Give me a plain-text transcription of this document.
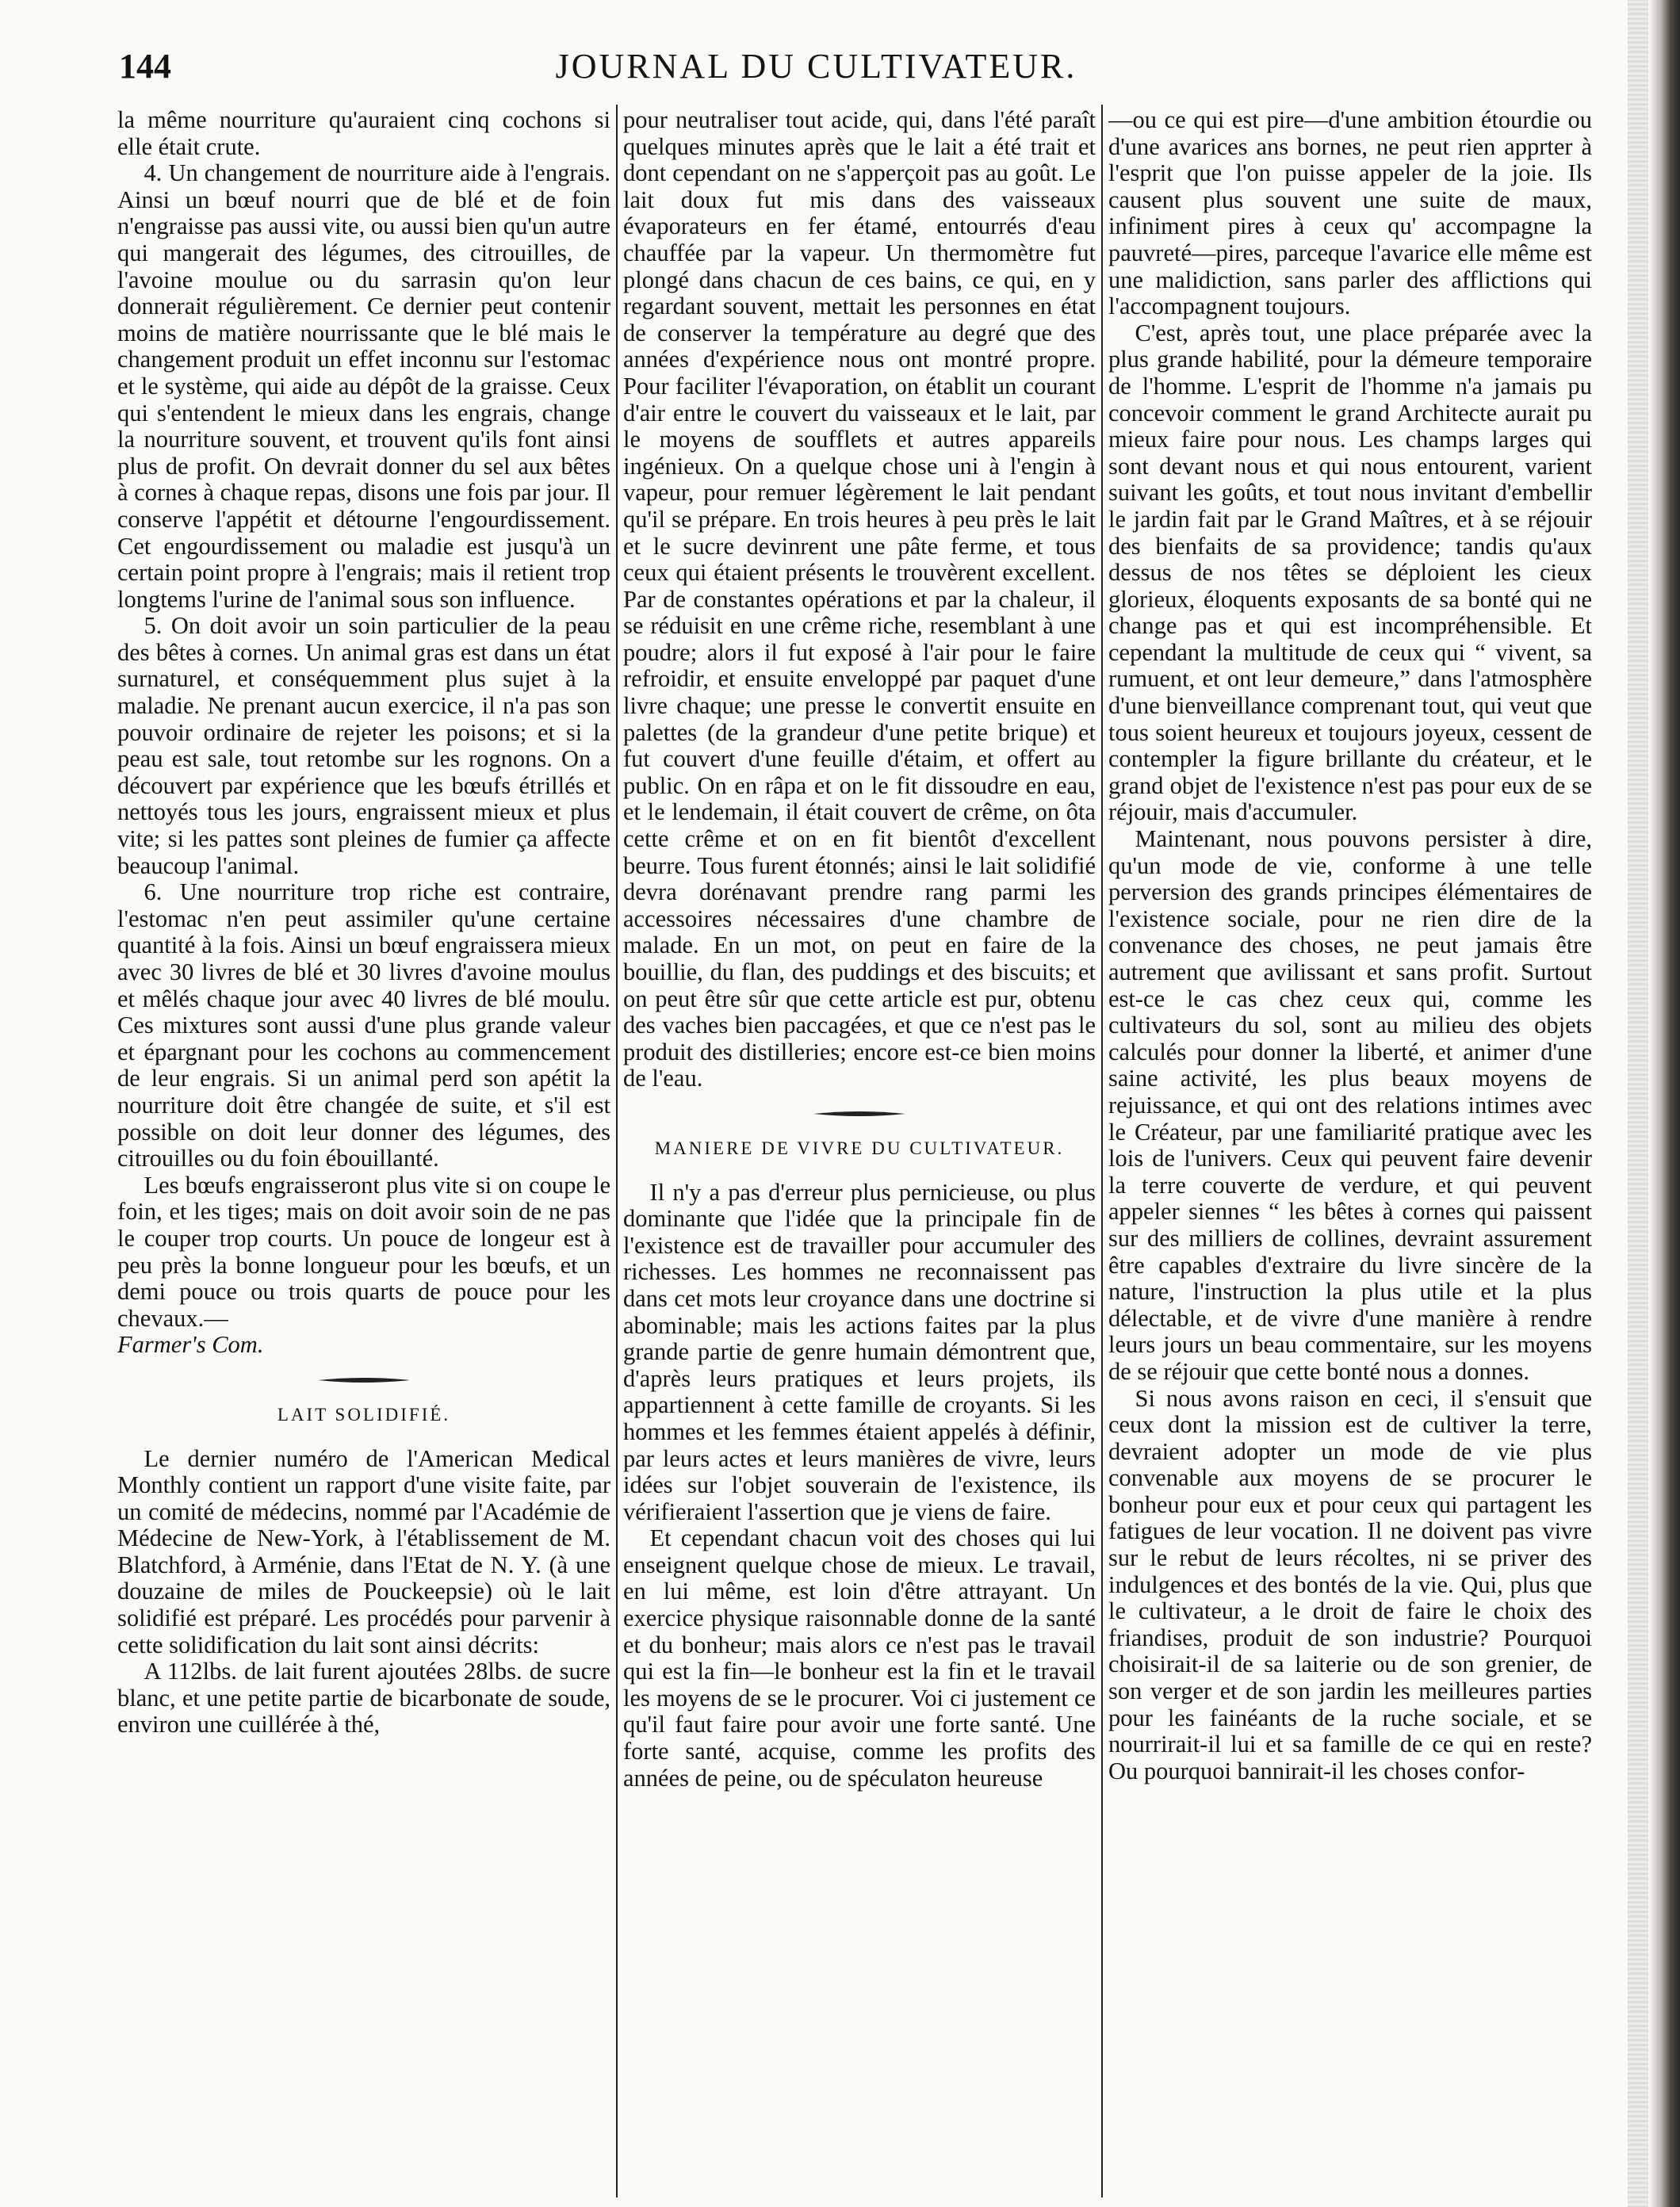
144	JOURNAL DU CULTIVATEUR.

la même nourriture qu'auraient cinq cochons si elle était crute.

4. Un changement de nourriture aide à l'engrais. Ainsi un bœuf nourri que de blé et de foin n'engraisse pas aussi vite, ou aussi bien qu'un autre qui mangerait des légumes, des citrouilles, de l'avoine moulue ou du sarrasin qu'on leur donnerait régulièrement. Ce dernier peut contenir moins de matière nourrissante que le blé mais le changement produit un effet inconnu sur l'estomac et le système, qui aide au dépôt de la graisse. Ceux qui s'entendent le mieux dans les engrais, change la nourriture souvent, et trouvent qu'ils font ainsi plus de profit. On devrait donner du sel aux bêtes à cornes à chaque repas, disons une fois par jour. Il conserve l'appétit et détourne l'engourdissement. Cet engourdissement ou maladie est jusqu'à un certain point propre à l'engrais; mais il retient trop longtems l'urine de l'animal sous son influence.

5. On doit avoir un soin particulier de la peau des bêtes à cornes. Un animal gras est dans un état surnaturel, et conséquemment plus sujet à la maladie. Ne prenant aucun exercice, il n'a pas son pouvoir ordinaire de rejeter les poisons; et si la peau est sale, tout retombe sur les rognons. On a découvert par expérience que les bœufs étrillés et nettoyés tous les jours, engraissent mieux et plus vite; si les pattes sont pleines de fumier ça affecte beaucoup l'animal.

6. Une nourriture trop riche est contraire, l'estomac n'en peut assimiler qu'une certaine quantité à la fois. Ainsi un bœuf engraissera mieux avec 30 livres de blé et 30 livres d'avoine moulus et mêlés chaque jour avec 40 livres de blé moulu. Ces mixtures sont aussi d'une plus grande valeur et épargnant pour les cochons au commencement de leur engrais. Si un animal perd son apétit la nourriture doit être changée de suite, et s'il est possible on doit leur donner des légumes, des citrouilles ou du foin ébouillanté.

Les bœufs engraisseront plus vite si on coupe le foin, et les tiges; mais on doit avoir soin de ne pas le couper trop courts. Un pouce de longeur est à peu près la bonne longueur pour les bœufs, et un demi pouce ou trois quarts de pouce pour les chevaux.—

Farmer's Com.

LAIT SOLIDIFIÉ.

Le dernier numéro de l'American Medical Monthly contient un rapport d'une visite faite, par un comité de médecins, nommé par l'Académie de Médecine de New-York, à l'établissement de M. Blatchford, à Arménie, dans l'Etat de N. Y. (à une douzaine de miles de Pouckeepsie) où le lait solidifié est préparé. Les procédés pour parvenir à cette solidification du lait sont ainsi décrits:

A 112lbs. de lait furent ajoutées 28lbs. de sucre blanc, et une petite partie de bicarbonate de soude, environ une cuillérée à thé,

pour neutraliser tout acide, qui, dans l'été paraît quelques minutes après que le lait a été trait et dont cependant on ne s'apperçoit pas au goût. Le lait doux fut mis dans des vaisseaux évaporateurs en fer étamé, entourrés d'eau chauffée par la vapeur. Un thermomètre fut plongé dans chacun de ces bains, ce qui, en y regardant souvent, mettait les personnes en état de conserver la température au degré que des années d'expérience nous ont montré propre. Pour faciliter l'évaporation, on établit un courant d'air entre le couvert du vaisseaux et le lait, par le moyens de soufflets et autres appareils ingénieux. On a quelque chose uni à l'engin à vapeur, pour remuer légèrement le lait pendant qu'il se prépare. En trois heures à peu près le lait et le sucre devinrent une pâte ferme, et tous ceux qui étaient présents le trouvèrent excellent. Par de constantes opérations et par la chaleur, il se réduisit en une crême riche, resemblant à une poudre; alors il fut exposé à l'air pour le faire refroidir, et ensuite enveloppé par paquet d'une livre chaque; une presse le convertit ensuite en palettes (de la grandeur d'une petite brique) et fut couvert d'une feuille d'étaim, et offert au public. On en râpa et on le fit dissoudre en eau, et le lendemain, il était couvert de crême, on ôta cette crême et on en fit bientôt d'excellent beurre. Tous furent étonnés; ainsi le lait solidifié devra dorénavant prendre rang parmi les accessoires nécessaires d'une chambre de malade. En un mot, on peut en faire de la bouillie, du flan, des puddings et des biscuits; et on peut être sûr que cette article est pur, obtenu des vaches bien paccagées, et que ce n'est pas le produit des distilleries; encore est-ce bien moins de l'eau.

MANIERE DE VIVRE DU CULTIVATEUR.

Il n'y a pas d'erreur plus pernicieuse, ou plus dominante que l'idée que la principale fin de l'existence est de travailler pour accumuler des richesses. Les hommes ne reconnaissent pas dans cet mots leur croyance dans une doctrine si abominable; mais les actions faites par la plus grande partie de genre humain démontrent que, d'après leurs pratiques et leurs projets, ils appartiennent à cette famille de croyants. Si les hommes et les femmes étaient appelés à définir, par leurs actes et leurs manières de vivre, leurs idées sur l'objet souverain de l'existence, ils vérifieraient l'assertion que je viens de faire.

Et cependant chacun voit des choses qui lui enseignent quelque chose de mieux. Le travail, en lui même, est loin d'être attrayant. Un exercice physique raisonnable donne de la santé et du bonheur; mais alors ce n'est pas le travail qui est la fin—le bonheur est la fin et le travail les moyens de se le procurer. Voi ci justement ce qu'il faut faire pour avoir une forte santé. Une forte santé, acquise, comme les profits des années de peine, ou de spéculaton heureuse

—ou ce qui est pire—d'une ambition étourdie ou d'une avarices ans bornes, ne peut rien apprter à l'esprit que l'on puisse appeler de la joie. Ils causent plus souvent une suite de maux, infiniment pires à ceux qu' accompagne la pauvreté—pires, parceque l'avarice elle même est une malidiction, sans parler des afflictions qui l'accompagnent toujours.

C'est, après tout, une place préparée avec la plus grande habilité, pour la démeure temporaire de l'homme. L'esprit de l'homme n'a jamais pu concevoir comment le grand Architecte aurait pu mieux faire pour nous. Les champs larges qui sont devant nous et qui nous entourent, varient suivant les goûts, et tout nous invitant d'embellir le jardin fait par le Grand Maîtres, et à se réjouir des bienfaits de sa providence; tandis qu'aux dessus de nos têtes se déploient les cieux glorieux, éloquents exposants de sa bonté qui ne change pas et qui est incompréhensible. Et cependant la multitude de ceux qui “ vivent, sa rumuent, et ont leur demeure,” dans l'atmosphère d'une bienveillance comprenant tout, qui veut que tous soient heureux et toujours joyeux, cessent de contempler la figure brillante du créateur, et le grand objet de l'existence n'est pas pour eux de se réjouir, mais d'accumuler.

Maintenant, nous pouvons persister à dire, qu'un mode de vie, conforme à une telle perversion des grands principes élémentaires de l'existence sociale, pour ne rien dire de la convenance des choses, ne peut jamais être autrement que avilissant et sans profit. Surtout est-ce le cas chez ceux qui, comme les cultivateurs du sol, sont au milieu des objets calculés pour donner la liberté, et animer d'une saine activité, les plus beaux moyens de rejuissance, et qui ont des relations intimes avec le Créateur, par une familiarité pratique avec les lois de l'univers. Ceux qui peuvent faire devenir la terre couverte de verdure, et qui peuvent appeler siennes “ les bêtes à cornes qui paissent sur des milliers de collines, devraint assurement être capables d'extraire du livre sincère de la nature, l'instruction la plus utile et la plus délectable, et de vivre d'une manière à rendre leurs jours un beau commentaire, sur les moyens de se réjouir que cette bonté nous a donnes.

Si nous avons raison en ceci, il s'ensuit que ceux dont la mission est de cultiver la terre, devraient adopter un mode de vie plus convenable aux moyens de se procurer le bonheur pour eux et pour ceux qui partagent les fatigues de leur vocation. Il ne doivent pas vivre sur le rebut de leurs récoltes, ni se priver des indulgences et des bontés de la vie. Qui, plus que le cultivateur, a le droit de faire le choix des friandises, produit de son industrie? Pourquoi choisirait-il de sa laiterie ou de son grenier, de son verger et de son jardin les meilleures parties pour les fainéants de la ruche sociale, et se nourrirait-il lui et sa famille de ce qui en reste? Ou pourquoi bannirait-il les choses confor-
